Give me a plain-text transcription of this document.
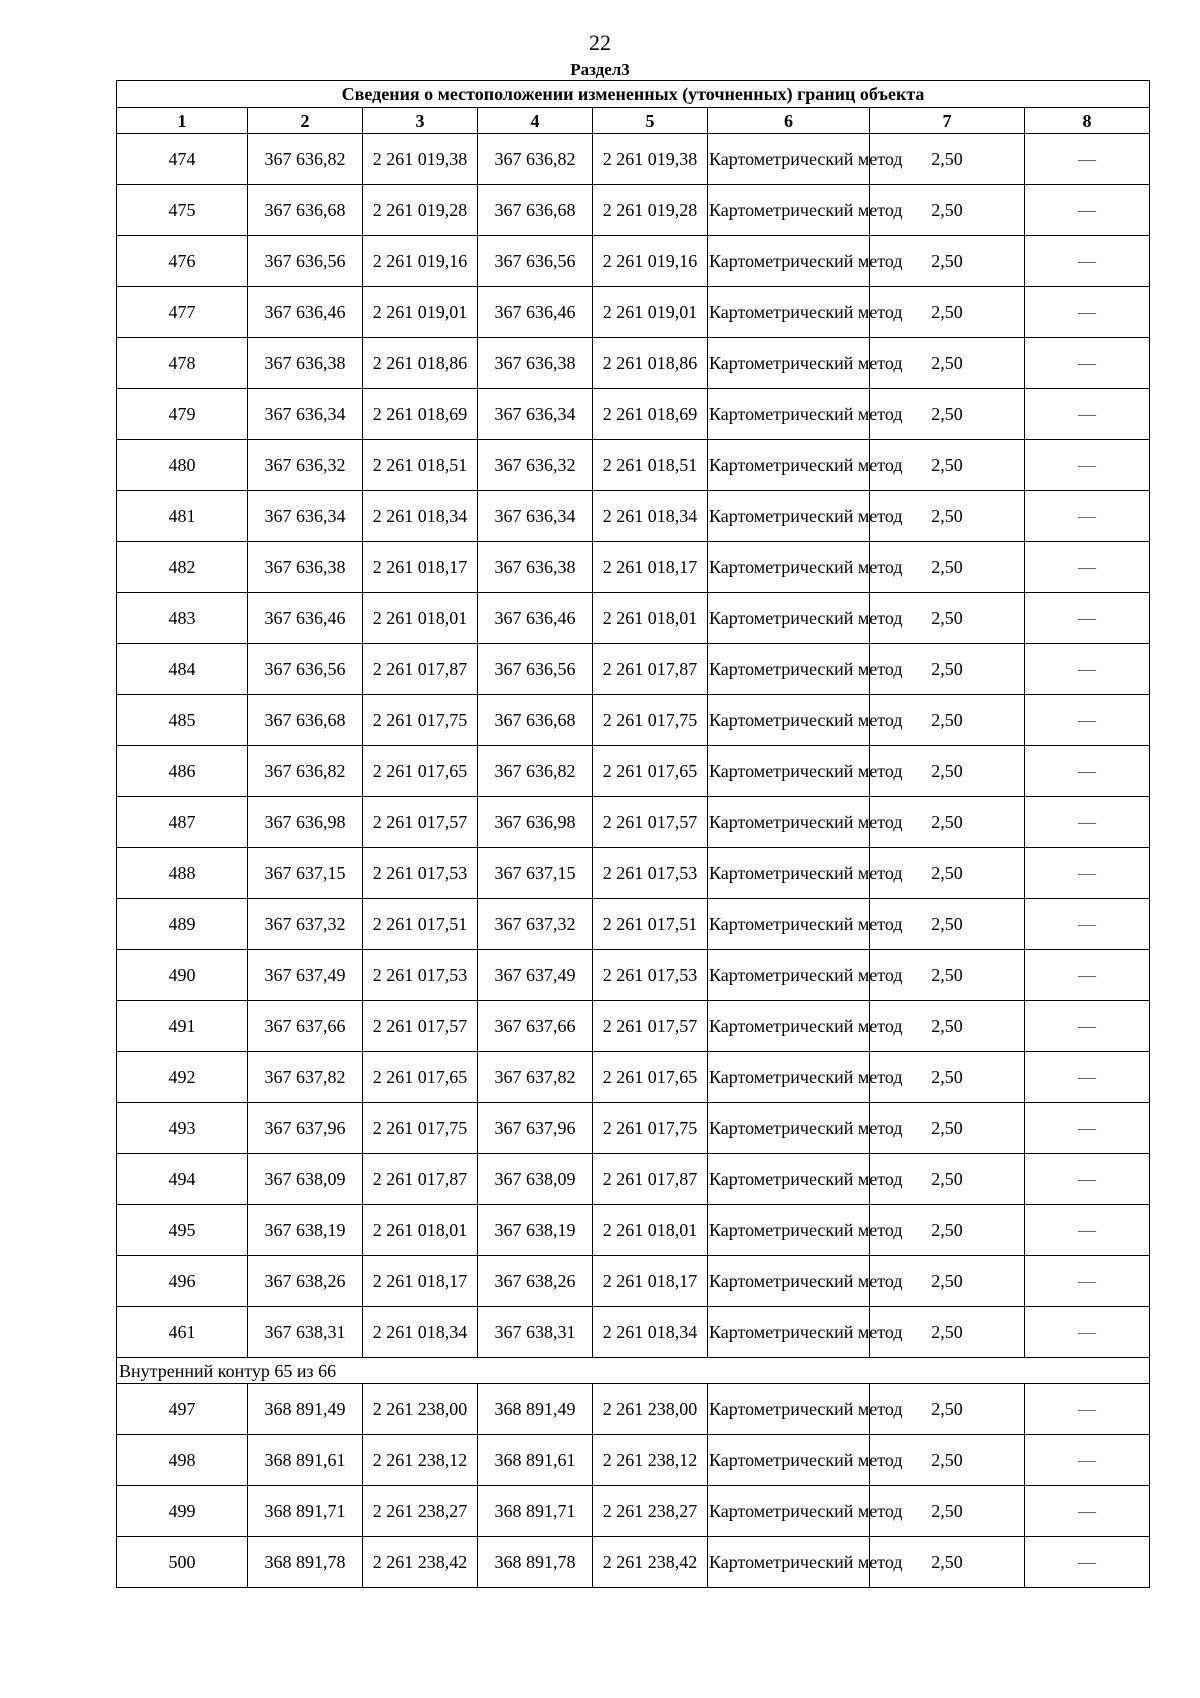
22
Раздел3
Сведения о местоположении измененных (уточненных) границ объекта							
1	2	3	4	5	6	7	8
474	367 636,82	2 261 019,38	367 636,82	2 261 019,38	Картометрический метод	2,50	—
475	367 636,68	2 261 019,28	367 636,68	2 261 019,28	Картометрический метод	2,50	—
476	367 636,56	2 261 019,16	367 636,56	2 261 019,16	Картометрический метод	2,50	—
477	367 636,46	2 261 019,01	367 636,46	2 261 019,01	Картометрический метод	2,50	—
478	367 636,38	2 261 018,86	367 636,38	2 261 018,86	Картометрический метод	2,50	—
479	367 636,34	2 261 018,69	367 636,34	2 261 018,69	Картометрический метод	2,50	—
480	367 636,32	2 261 018,51	367 636,32	2 261 018,51	Картометрический метод	2,50	—
481	367 636,34	2 261 018,34	367 636,34	2 261 018,34	Картометрический метод	2,50	—
482	367 636,38	2 261 018,17	367 636,38	2 261 018,17	Картометрический метод	2,50	—
483	367 636,46	2 261 018,01	367 636,46	2 261 018,01	Картометрический метод	2,50	—
484	367 636,56	2 261 017,87	367 636,56	2 261 017,87	Картометрический метод	2,50	—
485	367 636,68	2 261 017,75	367 636,68	2 261 017,75	Картометрический метод	2,50	—
486	367 636,82	2 261 017,65	367 636,82	2 261 017,65	Картометрический метод	2,50	—
487	367 636,98	2 261 017,57	367 636,98	2 261 017,57	Картометрический метод	2,50	—
488	367 637,15	2 261 017,53	367 637,15	2 261 017,53	Картометрический метод	2,50	—
489	367 637,32	2 261 017,51	367 637,32	2 261 017,51	Картометрический метод	2,50	—
490	367 637,49	2 261 017,53	367 637,49	2 261 017,53	Картометрический метод	2,50	—
491	367 637,66	2 261 017,57	367 637,66	2 261 017,57	Картометрический метод	2,50	—
492	367 637,82	2 261 017,65	367 637,82	2 261 017,65	Картометрический метод	2,50	—
493	367 637,96	2 261 017,75	367 637,96	2 261 017,75	Картометрический метод	2,50	—
494	367 638,09	2 261 017,87	367 638,09	2 261 017,87	Картометрический метод	2,50	—
495	367 638,19	2 261 018,01	367 638,19	2 261 018,01	Картометрический метод	2,50	—
496	367 638,26	2 261 018,17	367 638,26	2 261 018,17	Картометрический метод	2,50	—
461	367 638,31	2 261 018,34	367 638,31	2 261 018,34	Картометрический метод	2,50	—
Внутренний контур 65 из 66							
497	368 891,49	2 261 238,00	368 891,49	2 261 238,00	Картометрический метод	2,50	—
498	368 891,61	2 261 238,12	368 891,61	2 261 238,12	Картометрический метод	2,50	—
499	368 891,71	2 261 238,27	368 891,71	2 261 238,27	Картометрический метод	2,50	—
500	368 891,78	2 261 238,42	368 891,78	2 261 238,42	Картометрический метод	2,50	—
